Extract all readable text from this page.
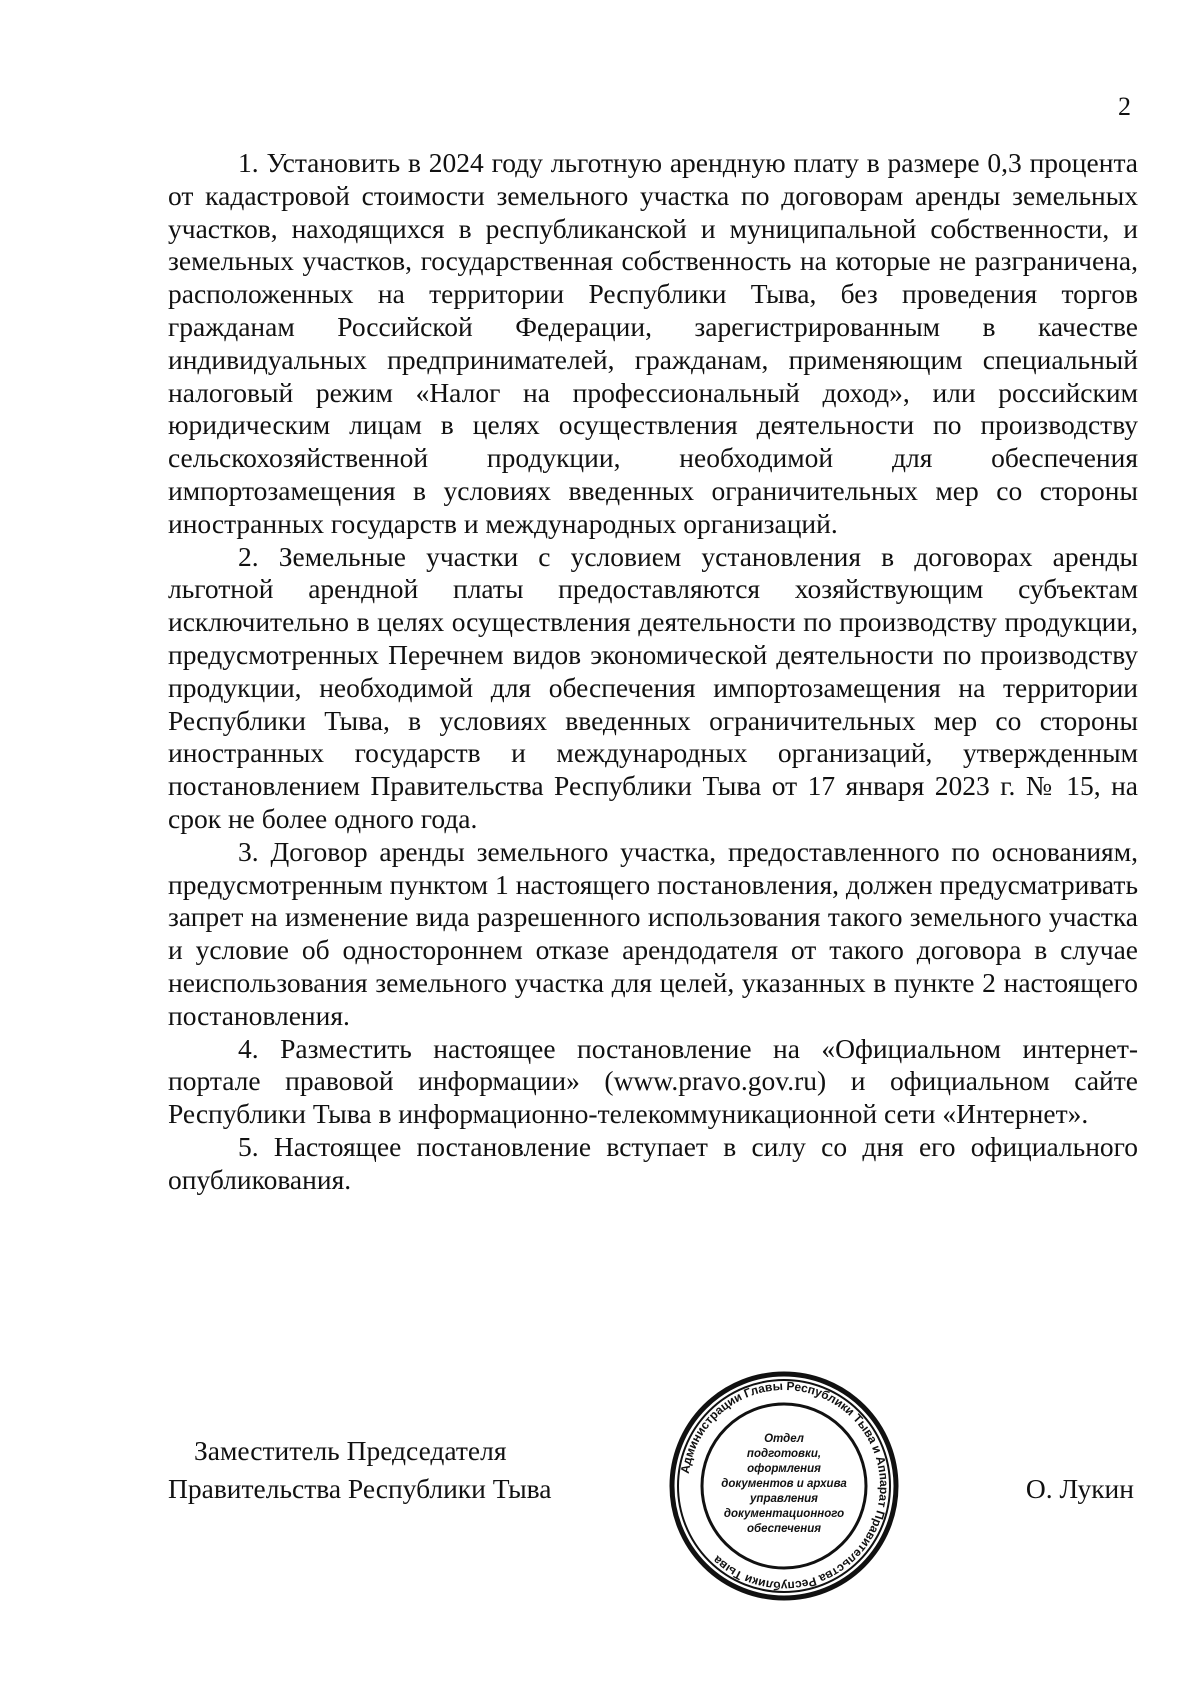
2

1. Установить в 2024 году льготную арендную плату в размере 0,3 процента от кадастровой стоимости земельного участка по договорам аренды земельных участков, находящихся в республиканской и муниципальной собственности, и земельных участков, государственная собственность на которые не разграничена, расположенных на территории Республики Тыва, без проведения торгов гражданам Российской Федерации, зарегистрированным в качестве индивидуальных предпринимателей, гражданам, применяющим специальный налоговый режим «Налог на профессиональный доход», или российским юридическим лицам в целях осуществления деятельности по производству сельскохозяйственной продукции, необходимой для обеспечения импортозамещения в условиях введенных ограничительных мер со стороны иностранных государств и международных организаций.

2. Земельные участки с условием установления в договорах аренды льготной арендной платы предоставляются хозяйствующим субъектам исключительно в целях осуществления деятельности по производству продукции, предусмотренных Перечнем видов экономической деятельности по производству продукции, необходимой для обеспечения импортозамещения на территории Республики Тыва, в условиях введенных ограничительных мер со стороны иностранных государств и международных организаций, утвержденным постановлением Правительства Республики Тыва от 17 января 2023 г. № 15, на срок не более одного года.

3. Договор аренды земельного участка, предоставленного по основаниям, предусмотренным пунктом 1 настоящего постановления, должен предусматривать запрет на изменение вида разрешенного использования такого земельного участка и условие об одностороннем отказе арендодателя от такого договора в случае неиспользования земельного участка для целей, указанных в пункте 2 настоящего постановления.

4. Разместить настоящее постановление на «Официальном интернет-портале правовой информации» (www.pravo.gov.ru) и официальном сайте Республики Тыва в информационно-телекоммуникационной сети «Интернет».

5. Настоящее постановление вступает в силу со дня его официального опубликования.

Заместитель Председателя
Правительства Республики Тыва	О. Лукин
Администрации Главы Республики Тыва и Аппарат Правительства Республики Тыва
Отдел
подготовки,
оформления
документов и архива
управления
документационного
обеспечения
